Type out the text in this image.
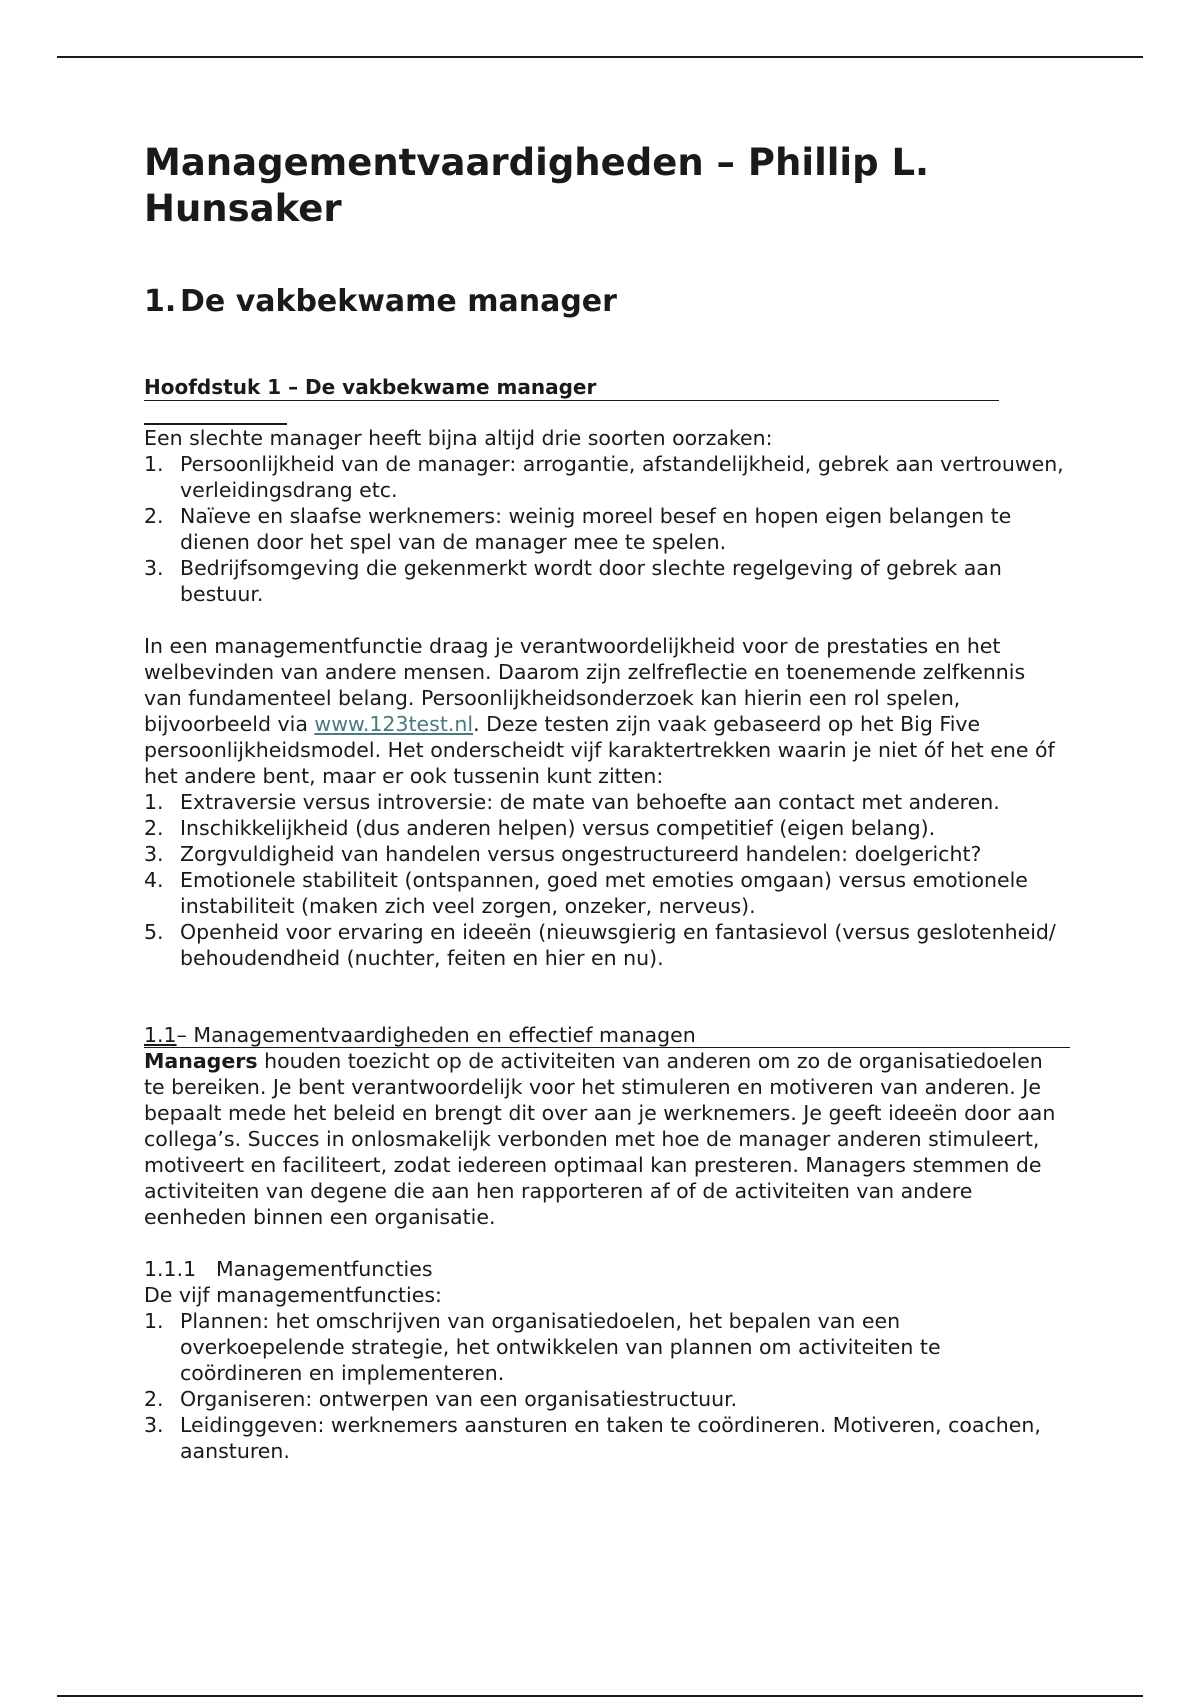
Managementvaardigheden – Phillip L. Hunsaker
1. De vakbekwame manager
Hoofdstuk 1 – De vakbekwame manager

Een slechte manager heeft bijna altijd drie soorten oorzaken:

1. Persoonlijkheid van de manager: arrogantie, afstandelijkheid, gebrek aan vertrouwen, verleidingsdrang etc.
2. Naïeve en slaafse werknemers: weinig moreel besef en hopen eigen belangen te dienen door het spel van de manager mee te spelen.
3. Bedrijfsomgeving die gekenmerkt wordt door slechte regelgeving of gebrek aan bestuur.

In een managementfunctie draag je verantwoordelijkheid voor de prestaties en het welbevinden van andere mensen. Daarom zijn zelfreflectie en toenemende zelfkennis van fundamenteel belang. Persoonlijkheidsonderzoek kan hierin een rol spelen, bijvoorbeeld via www.123test.nl. Deze testen zijn vaak gebaseerd op het Big Five persoonlijkheidsmodel. Het onderscheidt vijf karaktertrekken waarin je niet óf het ene óf het andere bent, maar er ook tussenin kunt zitten:

1. Extraversie versus introversie: de mate van behoefte aan contact met anderen.
2. Inschikkelijkheid (dus anderen helpen) versus competitief (eigen belang).
3. Zorgvuldigheid van handelen versus ongestructureerd handelen: doelgericht?
4. Emotionele stabiliteit (ontspannen, goed met emoties omgaan) versus emotionele instabiliteit (maken zich veel zorgen, onzeker, nerveus).
5. Openheid voor ervaring en ideeën (nieuwsgierig en fantasievol (versus geslotenheid/ behoudendheid (nuchter, feiten en hier en nu).
1.1– Managementvaardigheden en effectief managen

Managers houden toezicht op de activiteiten van anderen om zo de organisatiedoelen te bereiken. Je bent verantwoordelijk voor het stimuleren en motiveren van anderen. Je bepaalt mede het beleid en brengt dit over aan je werknemers. Je geeft ideeën door aan collega’s. Succes in onlosmakelijk verbonden met hoe de manager anderen stimuleert, motiveert en faciliteert, zodat iedereen optimaal kan presteren. Managers stemmen de activiteiten van degene die aan hen rapporteren af of de activiteiten van andere eenheden binnen een organisatie.

1.1.1 Managementfuncties

De vijf managementfuncties:

1. Plannen: het omschrijven van organisatiedoelen, het bepalen van een overkoepelende strategie, het ontwikkelen van plannen om activiteiten te coördineren en implementeren.
2. Organiseren: ontwerpen van een organisatiestructuur.
3. Leidinggeven: werknemers aansturen en taken te coördineren. Motiveren, coachen, aansturen.
